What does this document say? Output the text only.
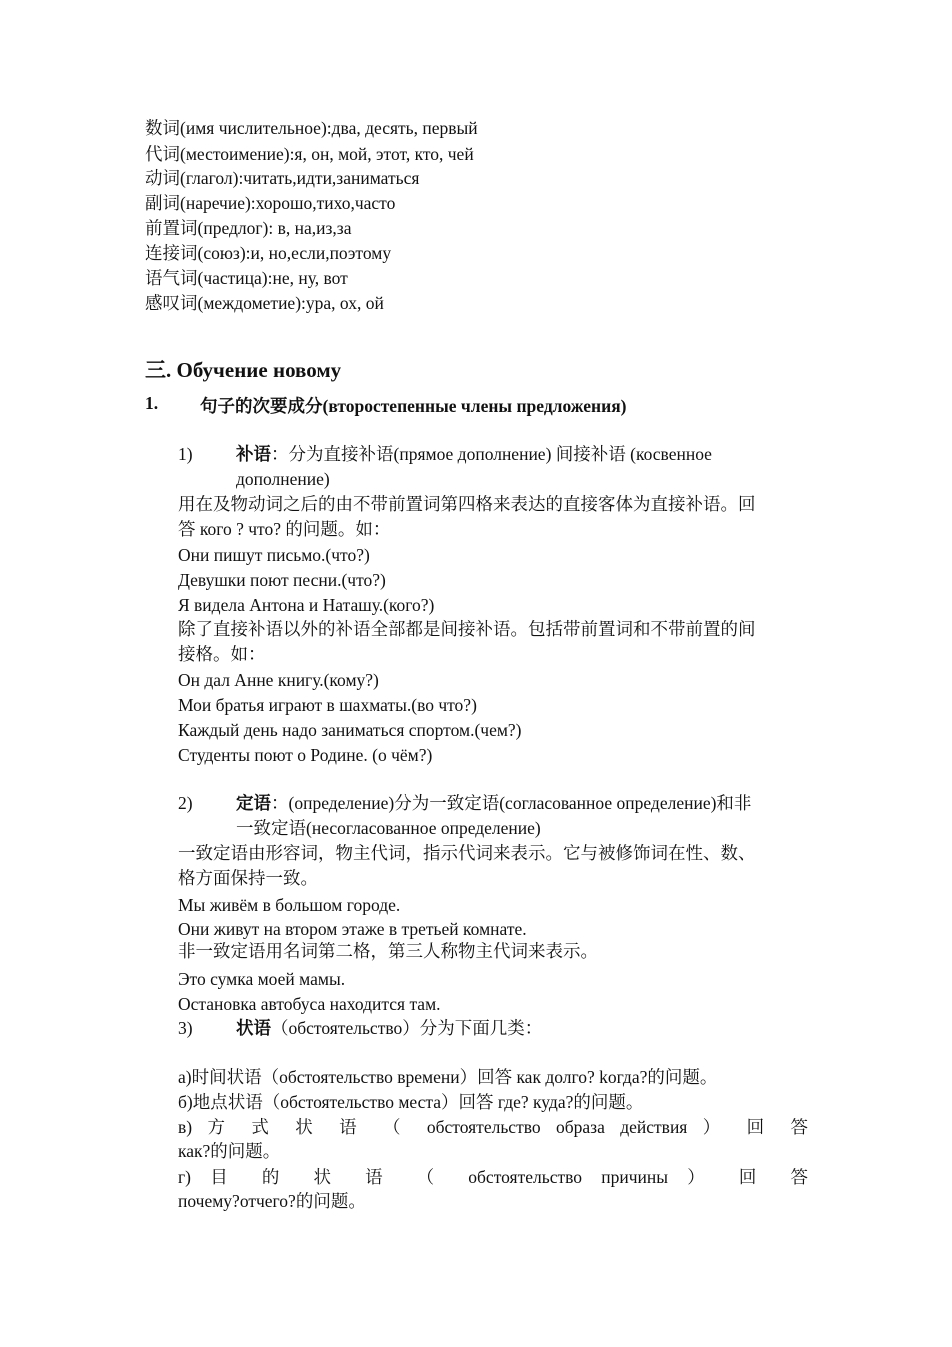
数词(имя числительное):два, десять, первый
代词(местоимение):я, он, мой, этот, кто, чей
动词(глагол):читать,идти,заниматься
副词(наречие):хорошо,тихо,часто
前置词(предлог): в, на,из,за
连接词(союз):и, но,если,поэтому
语气词(частица):не, ну, вот
感叹词(междометие):ура, ох, ой
三. Обучение новому
1. 句子的次要成分(второстепенные члены предложения)
1) 补语：分为直接补语(прямое дополнение) 间接补语 (косвенное
дополнение)
用在及物动词之后的由不带前置词第四格来表达的直接客体为直接补语。回
答 кого ? что? 的问题。如：
Они пишут письмо.(что?)
Девушки поют песни.(что?)
Я видела Антона и Наташу.(кого?)
除了直接补语以外的补语全部都是间接补语。包括带前置词和不带前置的间
接格。如：
Он дал Анне книгу.(кому?)
Мои братья играют в шахматы.(во что?)
Каждый день надо заниматься спортом.(чем?)
Студенты поют о Родине. (о чём?)
2) 定语：(определение)分为一致定语(согласованное определение)和非
一致定语(несогласованное определение)
一致定语由形容词，物主代词，指示代词来表示。它与被修饰词在性、数、
格方面保持一致。
Мы живём в большом городе.
Они живут на втором этаже в третьей комнате.
非一致定语用名词第二格，第三人称物主代词来表示。
Это сумка моей мамы.
Остановка автобуса находится там.
3) 状语（обстоятельство）分为下面几类：
а)时间状语（обстоятельство времени）回答 как долго? kогда?的问题。
б)地点状语（обстоятельство места）回答 где? куда?的问题。
в) 方 式 状 语 （ обстоятельство образа действия ） 回 答
как?的问题。
г) 目 的 状 语 （ обстоятельство причины ） 回 答
почему?отчего?的问题。
